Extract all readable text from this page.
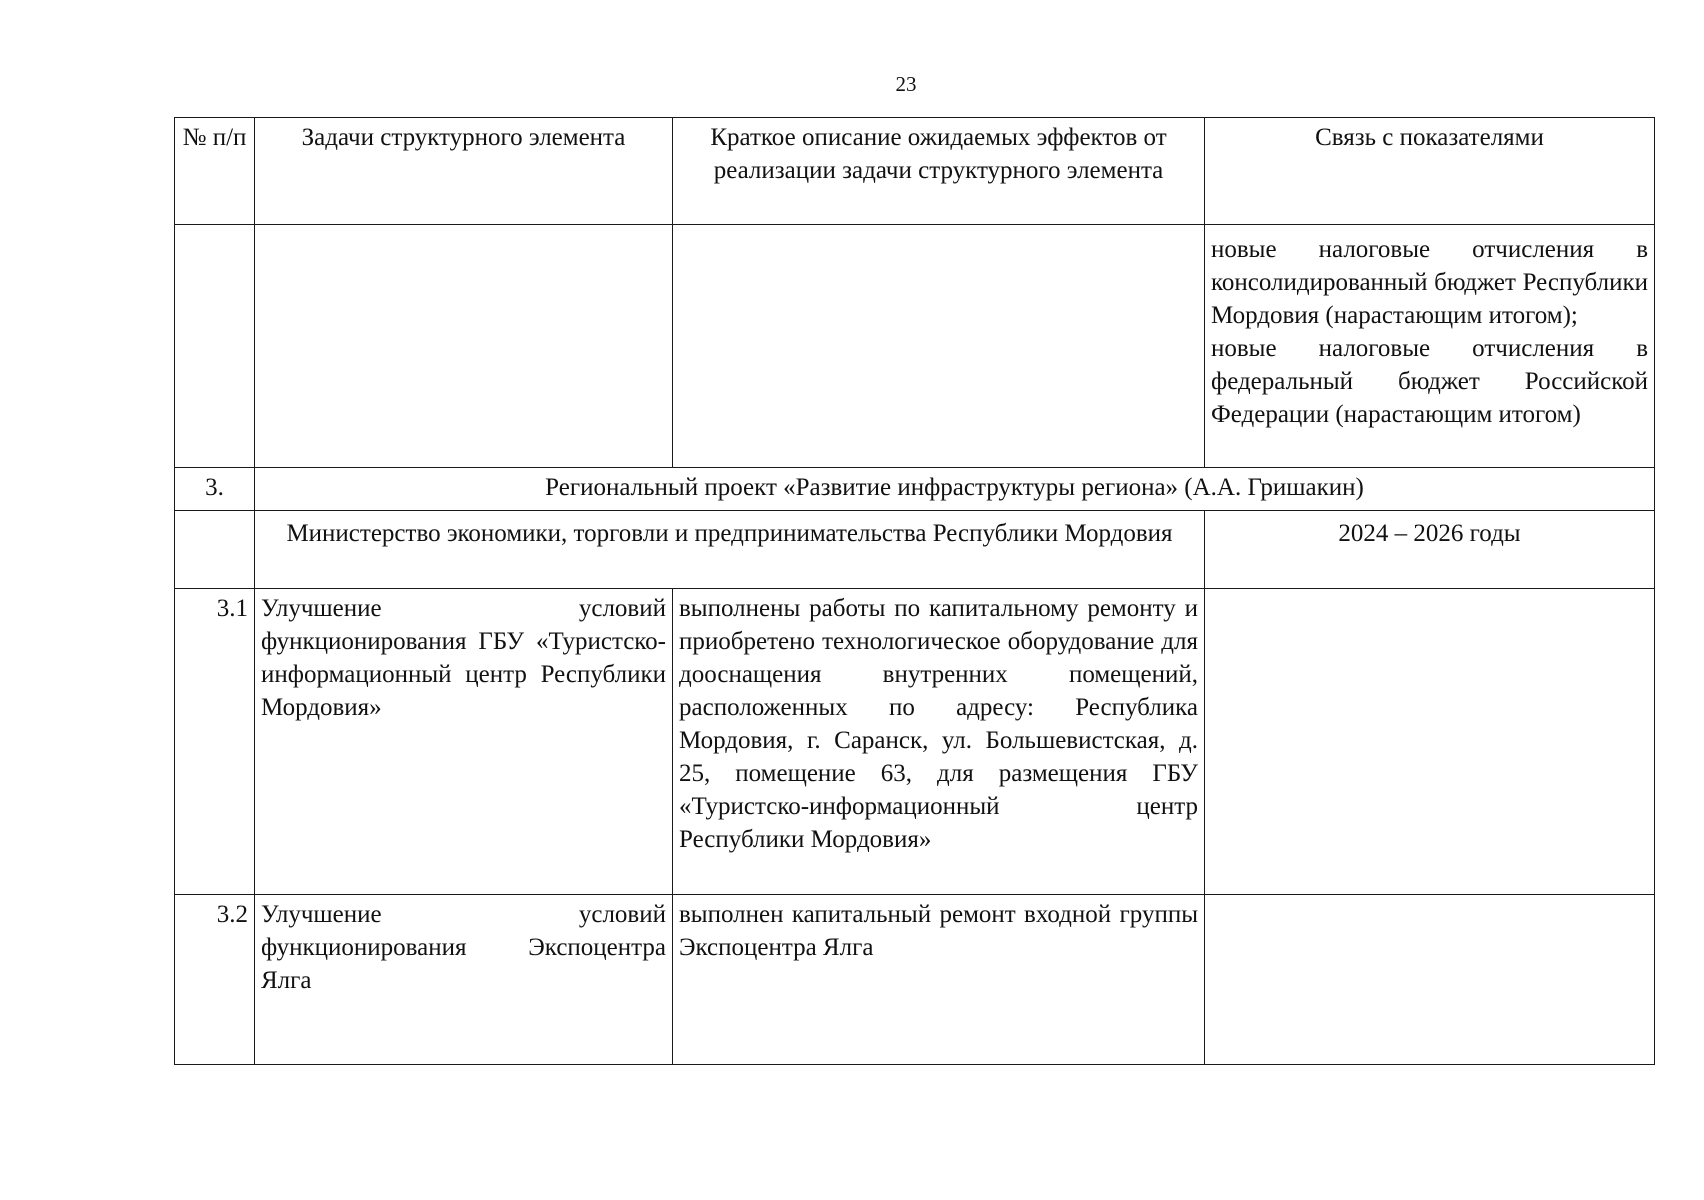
23
№ п/п	Задачи структурного элемента	Краткое описание ожидаемых эффектов от реализации задачи структурного элемента	Связь с показателями

			новые налоговые отчисления в консолидированный бюджет Республики Мордовия (нарастающим итогом);

новые налоговые отчисления в федеральный бюджет Российской Федерации (нарастающим итогом)

3.	Региональный проект «Развитие инфраструктуры региона» (А.А. Гришакин)		
	Министерство экономики, торговли и предпринимательства Республики Мордовия		2024 – 2026 годы
3.1	Улучшение условий функционирования ГБУ «Туристско-информационный центр Республики Мордовия»	выполнены работы по капитальному ремонту и приобретено технологическое оборудование для дооснащения внутренних помещений, расположенных по адресу: Республика Мордовия, г. Саранск, ул. Большевистская, д. 25, помещение 63, для размещения ГБУ «Туристско-информационный центр Республики Мордовия»	

3.2	Улучшение условий функционирования Экспоцентра Ялга	выполнен капитальный ремонт входной группы Экспоцентра Ялга	
